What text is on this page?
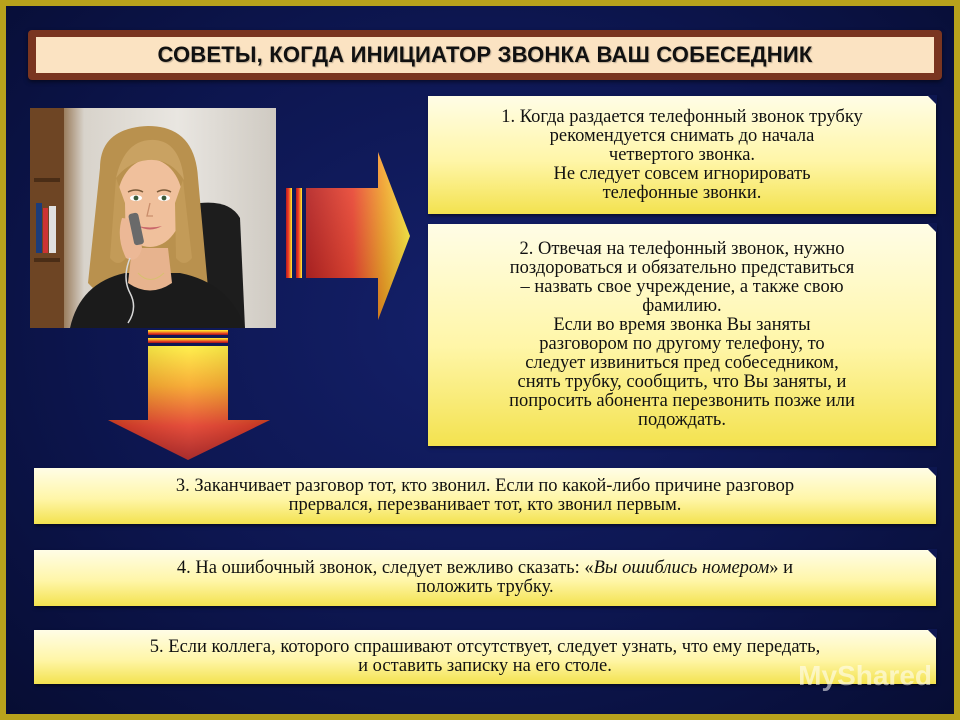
СОВЕТЫ, КОГДА ИНИЦИАТОР ЗВОНКА ВАШ СОБЕСЕДНИК

1. Когда раздается телефонный звонок трубку
рекомендуется снимать до начала
четвертого звонка.
Не следует совсем игнорировать
телефонные звонки.

2. Отвечая на телефонный звонок, нужно
поздороваться и обязательно представиться
– назвать свое учреждение, а также свою
фамилию.
Если во время звонка Вы заняты
разговором по другому телефону, то
следует извиниться пред собеседником,
снять трубку, сообщить, что Вы заняты, и
попросить абонента перезвонить позже или
подождать.

3. Заканчивает разговор тот, кто звонил. Если по какой-либо причине разговор
прервался, перезванивает тот, кто звонил первым.

4. На ошибочный звонок, следует вежливо сказать: «Вы ошиблись номером» и
положить трубку.

5. Если коллега, которого спрашивают отсутствует, следует узнать, что ему передать,
и оставить записку на его столе.	MyShared
